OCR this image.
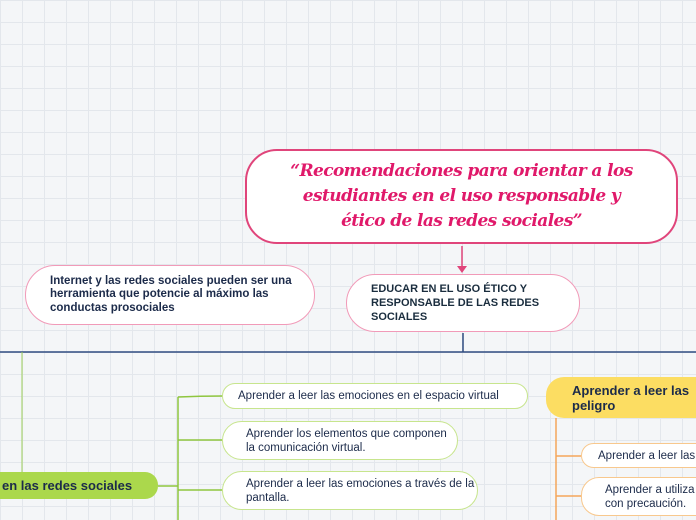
“Recomendaciones para orientar a los estudiantes en el uso responsable y ético de las redes sociales”
Internet y las redes sociales pueden ser una herramienta que potencie al máximo las conductas prosociales
EDUCAR EN EL USO ÉTICO Y RESPONSABLE DE LAS REDES SOCIALES
en las redes sociales
Aprender a leer las emociones en el espacio virtual
Aprender los elementos que componen la comunicación virtual.
Aprender a leer las emociones a través de la pantalla.
Aprender a leer las peligro
Aprender a leer las
Aprender a utiliza con precaución.
